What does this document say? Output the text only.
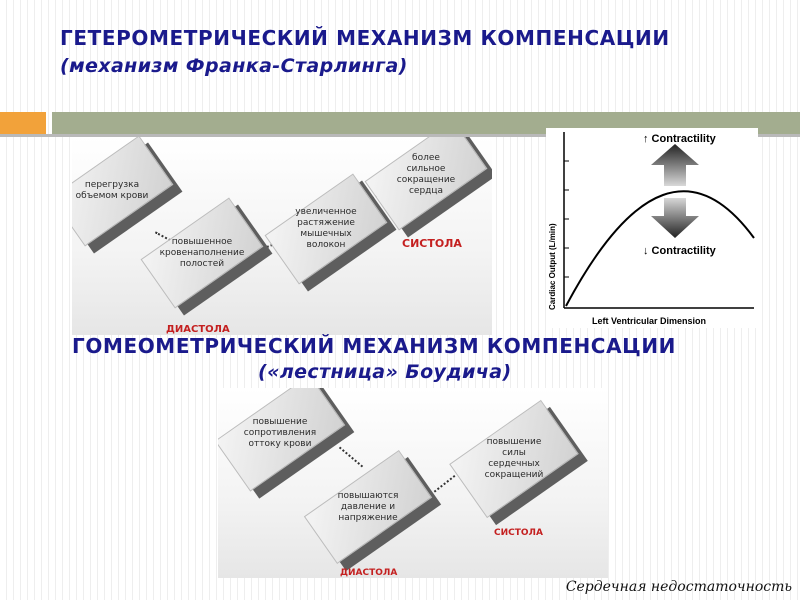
ГЕТЕРОМЕТРИЧЕСКИЙ МЕХАНИЗМ КОМПЕНСАЦИИ
(механизм Франка-Старлинга)
перегрузка
объемом крови
повышенное
кровенаполнение
полостей
увеличенное
растяжение
мышечных
волокон
более
сильное
сокращение
сердца
СИСТОЛА
ДИАСТОЛА
↑ Contractility
↓ Contractility
Cardiac Output (L/min)
Left Ventricular Dimension
ГОМЕОМЕТРИЧЕСКИЙ МЕХАНИЗМ КОМПЕНСАЦИИ
(«лестница» Боудича)
повышение
сопротивления
оттоку крови
повышаются
давление и
напряжение
повышение
силы
сердечных
сокращений
СИСТОЛА
ДИАСТОЛА
Сердечная недостаточность
